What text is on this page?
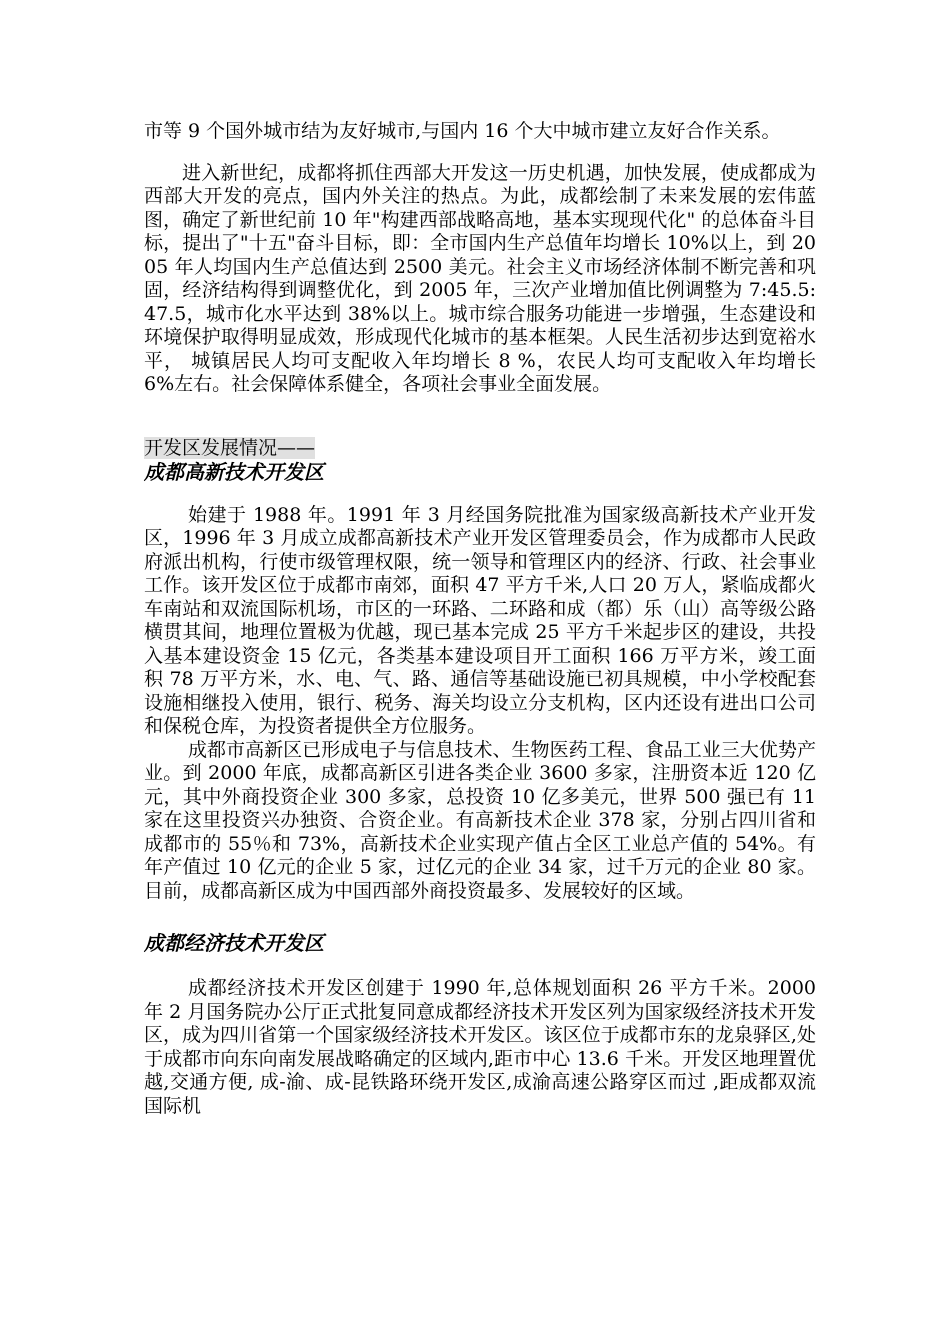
市等 9 个国外城市结为友好城市,与国内 16 个大中城市建立友好合作关系。

进入新世纪，成都将抓住西部大开发这一历史机遇，加快发展，使成都成为西部大开发的亮点，国内外关注的热点。为此，成都绘制了未来发展的宏伟蓝图，确定了新世纪前 10 年"构建西部战略高地，基本实现现代化" 的总体奋斗目标，提出了"十五"奋斗目标，即：全市国内生产总值年均增长 10%以上，到 2005 年人均国内生产总值达到 2500 美元。社会主义市场经济体制不断完善和巩固，经济结构得到调整优化，到 2005 年，三次产业增加值比例调整为 7:45.5:47.5，城市化水平达到 38%以上。城市综合服务功能进一步增强，生态建设和环境保护取得明显成效，形成现代化城市的基本框架。人民生活初步达到宽裕水平， 城镇居民人均可支配收入年均增长 8 %，农民人均可支配收入年均增长 6%左右。社会保障体系健全，各项社会事业全面发展。

开发区发展情况——

成都高新技术开发区

始建于 1988 年。1991 年 3 月经国务院批准为国家级高新技术产业开发区，1996 年 3 月成立成都高新技术产业开发区管理委员会，作为成都市人民政府派出机构，行使市级管理权限，统一领导和管理区内的经济、行政、社会事业工作。该开发区位于成都市南郊，面积 47 平方千米,人口 20 万人，紧临成都火车南站和双流国际机场，市区的一环路、二环路和成（都）乐（山）高等级公路横贯其间，地理位置极为优越，现已基本完成 25 平方千米起步区的建设，共投入基本建设资金 15 亿元，各类基本建设项目开工面积 166 万平方米，竣工面积 78 万平方米，水、电、气、路、通信等基础设施已初具规模，中小学校配套设施相继投入使用，银行、税务、海关均设立分支机构，区内还设有进出口公司和保税仓库，为投资者提供全方位服务。

成都市高新区已形成电子与信息技术、生物医药工程、食品工业三大优势产业。到 2000 年底，成都高新区引进各类企业 3600 多家，注册资本近 120 亿元，其中外商投资企业 300 多家，总投资 10 亿多美元，世界 500 强已有 11 家在这里投资兴办独资、合资企业。有高新技术企业 378 家，分别占四川省和成都市的 55％和 73%，高新技术企业实现产值占全区工业总产值的 54%。有年产值过 10 亿元的企业 5 家，过亿元的企业 34 家，过千万元的企业 80 家。目前，成都高新区成为中国西部外商投资最多、发展较好的区域。

成都经济技术开发区

成都经济技术开发区创建于 1990 年,总体规划面积 26 平方千米。2000 年 2 月国务院办公厅正式批复同意成都经济技术开发区列为国家级经济技术开发区，成为四川省第一个国家级经济技术开发区。该区位于成都市东的龙泉驿区,处于成都市向东向南发展战略确定的区域内,距市中心 13.6 千米。开发区地理置优越,交通方便, 成-渝、成-昆铁路环绕开发区,成渝高速公路穿区而过 ,距成都双流国际机
